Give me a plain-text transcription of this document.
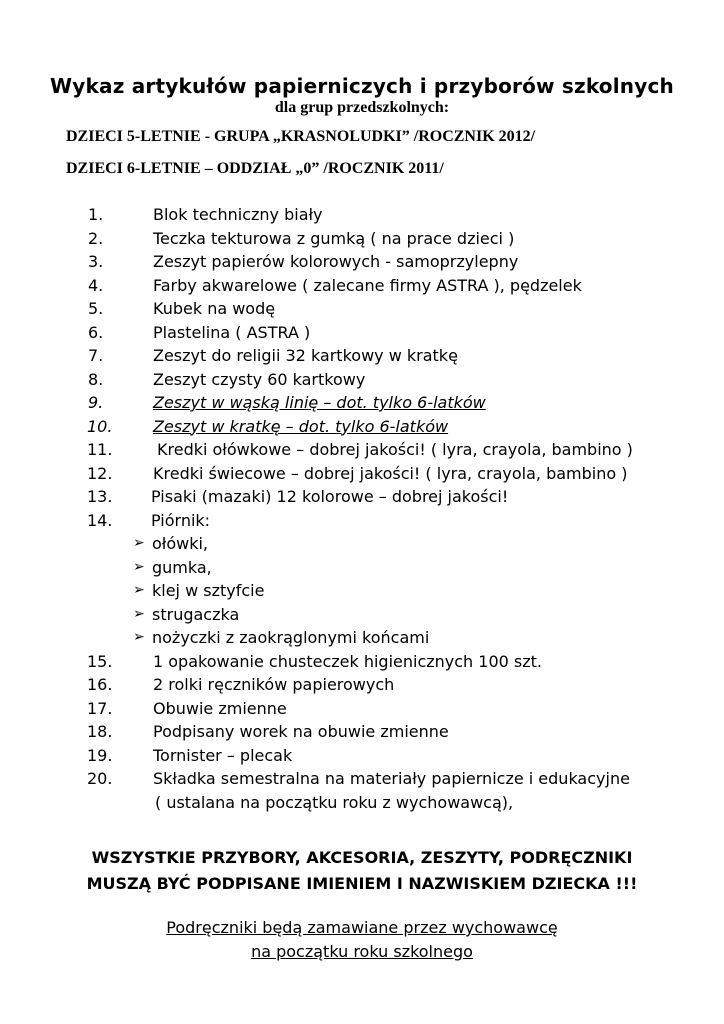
Wykaz artykułów papierniczych i przyborów szkolnych
dla grup przedszkolnych:
DZIECI 5-LETNIE - GRUPA „KRASNOLUDKI” /ROCZNIK 2012/
DZIECI 6-LETNIE – ODDZIAŁ „0” /ROCZNIK 2011/
1.	Blok techniczny biały
2.	Teczka tekturowa z gumką ( na prace dzieci )
3.	Zeszyt papierów kolorowych - samoprzylepny
4.	Farby akwarelowe ( zalecane firmy ASTRA ), pędzelek
5.	Kubek na wodę
6.	Plastelina ( ASTRA )
7.	Zeszyt do religii 32 kartkowy w kratkę
8.	Zeszyt czysty 60 kartkowy
9.	Zeszyt w wąską linię – dot. tylko 6-latków
10.	Zeszyt w kratkę – dot. tylko 6-latków
11.	Kredki ołówkowe – dobrej jakości! ( lyra, crayola, bambino )
12.	Kredki świecowe – dobrej jakości! ( lyra, crayola, bambino )
13. Pisaki (mazaki) 12 kolorowe – dobrej jakości!
14. Piórnik:
➢ ołówki,
➢ gumka,
➢ klej w sztyfcie
➢ strugaczka
➢ nożyczki z zaokrąglonymi końcami
15.	1 opakowanie chusteczek higienicznych 100 szt.
16.	2 rolki ręczników papierowych
17.	Obuwie zmienne
18.	Podpisany worek na obuwie zmienne
19.	Tornister – plecak
20.	Składka semestralna na materiały papiernicze i edukacyjne
( ustalana na początku roku z wychowawcą),
WSZYSTKIE PRZYBORY, AKCESORIA, ZESZYTY, PODRĘCZNIKI
MUSZĄ BYĆ PODPISANE IMIENIEM I NAZWISKIEM DZIECKA !!!
Podręczniki będą zamawiane przez wychowawcę
na początku roku szkolnego
